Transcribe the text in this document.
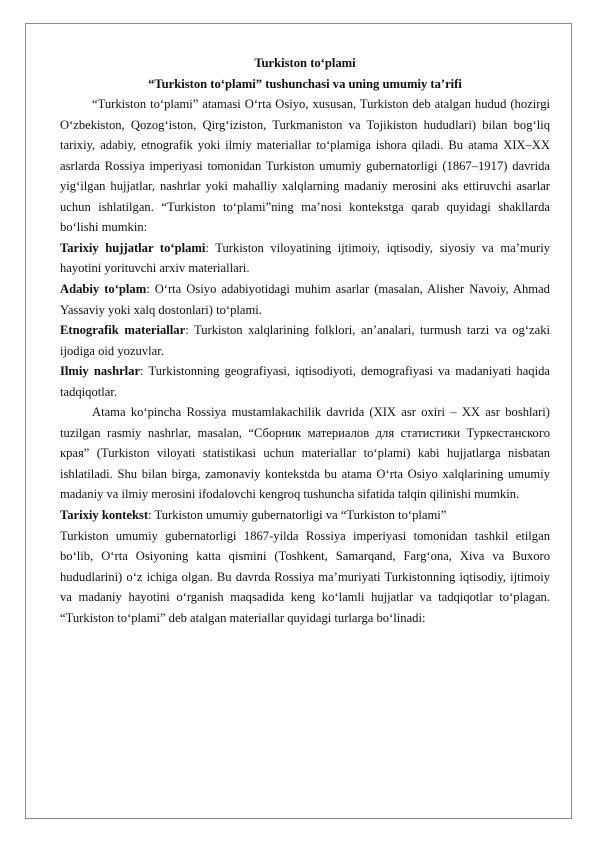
Turkiston to‘plami

“Turkiston to‘plami” tushunchasi va uning umumiy ta’rifi

“Turkiston to‘plami” atamasi O‘rta Osiyo, xususan, Turkiston deb atalgan hudud (hozirgi O‘zbekiston, Qozog‘iston, Qirg‘iziston, Turkmaniston va Tojikiston hududlari) bilan bog‘liq tarixiy, adabiy, etnografik yoki ilmiy materiallar to‘plamiga ishora qiladi. Bu atama XIX–XX asrlarda Rossiya imperiyasi tomonidan Turkiston umumiy gubernatorligi (1867–1917) davrida yig‘ilgan hujjatlar, nashrlar yoki mahalliy xalqlarning madaniy merosini aks ettiruvchi asarlar uchun ishlatilgan. “Turkiston to‘plami”ning ma’nosi kontekstga qarab quyidagi shakllarda bo‘lishi mumkin:

Tarixiy hujjatlar to‘plami: Turkiston viloyatining ijtimoiy, iqtisodiy, siyosiy va ma’muriy hayotini yorituvchi arxiv materiallari.

Adabiy to‘plam: O‘rta Osiyo adabiyotidagi muhim asarlar (masalan, Alisher Navoiy, Ahmad Yassaviy yoki xalq dostonlari) to‘plami.

Etnografik materiallar: Turkiston xalqlarining folklori, an’analari, turmush tarzi va og‘zaki ijodiga oid yozuvlar.

Ilmiy nashrlar: Turkistonning geografiyasi, iqtisodiyoti, demografiyasi va madaniyati haqida tadqiqotlar.

Atama ko‘pincha Rossiya mustamlakachilik davrida (XIX asr oxiri – XX asr boshlari) tuzilgan rasmiy nashrlar, masalan, “Сборник материалов для статистики Туркестанского края” (Turkiston viloyati statistikasi uchun materiallar to‘plami) kabi hujjatlarga nisbatan ishlatiladi. Shu bilan birga, zamonaviy kontekstda bu atama O‘rta Osiyo xalqlarining umumiy madaniy va ilmiy merosini ifodalovchi kengroq tushuncha sifatida talqin qilinishi mumkin.

Tarixiy kontekst: Turkiston umumiy gubernatorligi va “Turkiston to‘plami”

Turkiston umumiy gubernatorligi 1867-yilda Rossiya imperiyasi tomonidan tashkil etilgan bo‘lib, O‘rta Osiyoning katta qismini (Toshkent, Samarqand, Farg‘ona, Xiva va Buxoro hududlarini) o‘z ichiga olgan. Bu davrda Rossiya ma’muriyati Turkistonning iqtisodiy, ijtimoiy va madaniy hayotini o‘rganish maqsadida keng ko‘lamli hujjatlar va tadqiqotlar to‘plagan. “Turkiston to‘plami” deb atalgan materiallar quyidagi turlarga bo‘linadi:
